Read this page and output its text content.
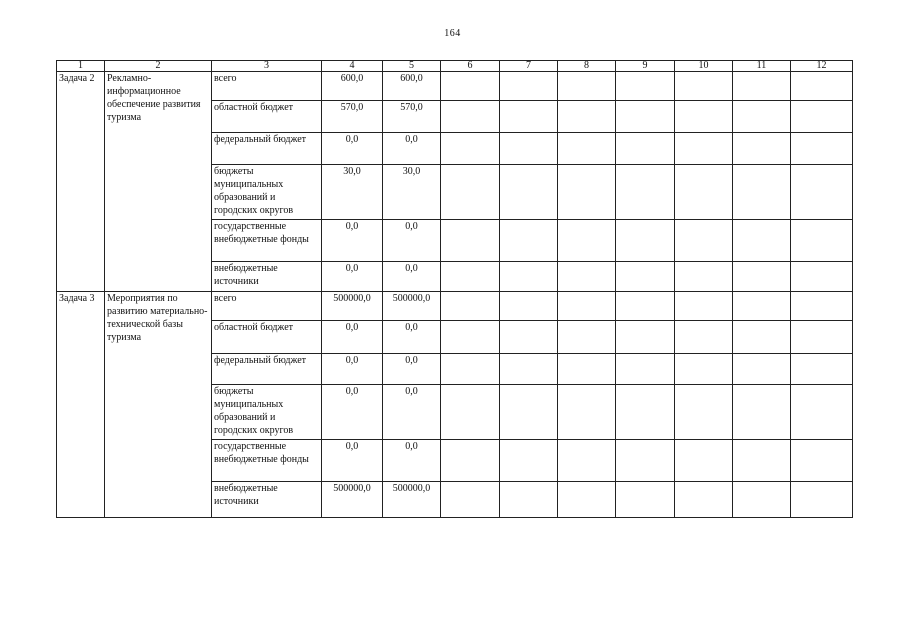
164
1	2	3	4	5	6	7	8	9	10	11	12
Задача 2	Рекламно-информационное обеспечение развития туризма	всего	600,0	600,0							
		областной бюджет	570,0	570,0							
		федеральный бюджет	0,0	0,0							
		бюджеты муниципальных образований и городских округов	30,0	30,0							
		государственные внебюджетные фонды	0,0	0,0							
		внебюджетные источники	0,0	0,0							
Задача 3	Мероприятия по развитию материально-технической базы туризма	всего	500000,0	500000,0							
		областной бюджет	0,0	0,0							
		федеральный бюджет	0,0	0,0							
		бюджеты муниципальных образований и городских округов	0,0	0,0							
		государственные внебюджетные фонды	0,0	0,0							
		внебюджетные источники	500000,0	500000,0							
